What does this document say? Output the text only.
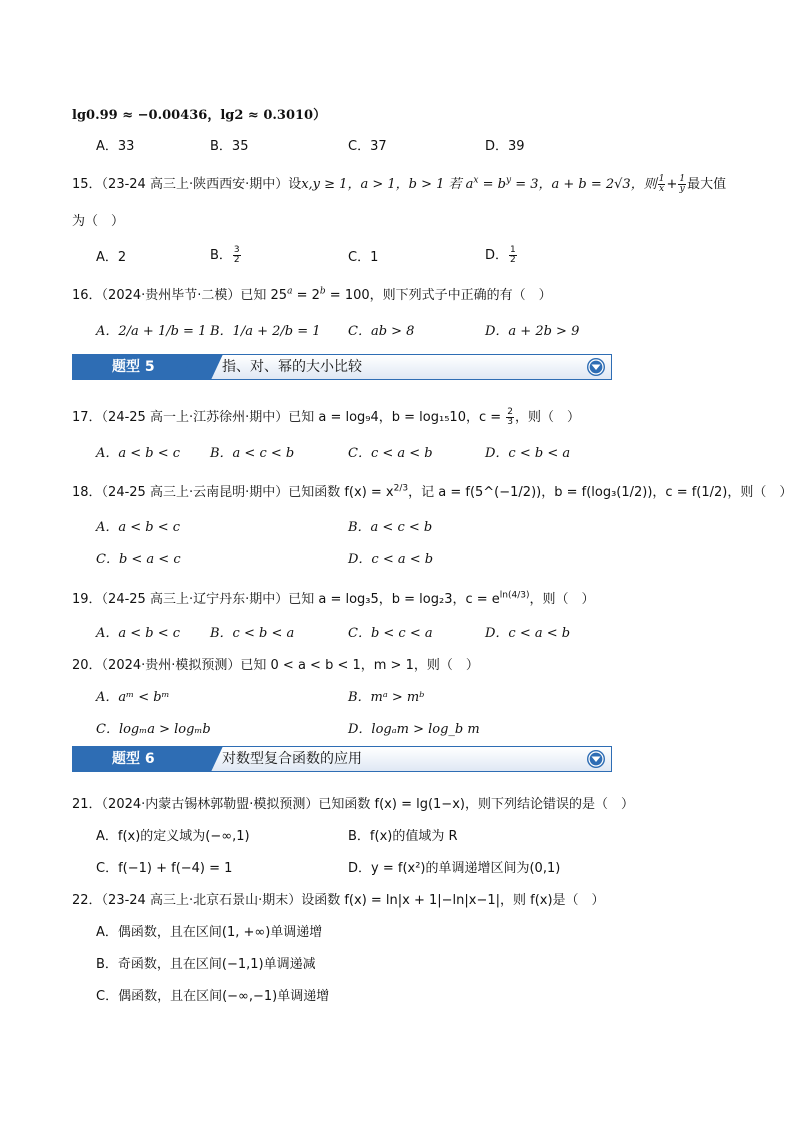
lg0.99 ≈ −0.00436，lg2 ≈ 0.3010）
A．33	B．35	C．37	D．39
15．（23-24 高三上·陕西西安·期中）设x,y ≥ 1，a > 1，b > 1 若 $a^x = b^y = 3$，a + b = 2√3，则 $\frac{1}{x} + \frac{1}{y}$ 最大值
为（　）
A．2	B． $\frac{3}{2}$	C．1	D． $\frac{1}{2}$
16．（2024·贵州毕节·二模）已知 $25^a = 2^b = 100$，则下列式子中正确的有（　）
A．2/a + 1/b = 1 B．1/a + 2/b = 1 C．ab > 8	D．a + 2b > 9
题型 5	指、对、幂的大小比较
17．（24-25 高一上·江苏徐州·期中）已知 a = log₉4，b = log₁₅10，$c = \frac{2}{3}$ ，则（　）
A．a < b < c B．a < c < b	C．c < a < b	D．c < b < a
18．（24-25 高三上·云南昆明·期中）已知函数 $f(x) = x^{2/3}$，记 a = f(5^(−1/2))，b = f(log₃(1/2))，c = f(1/2)，则（　）
A．a < b < c	B．a < c < b
C．b < a < c	D．c < a < b
19．（24-25 高三上·辽宁丹东·期中）已知 a = log₃5，b = log₂3，$c = e^{ln(4/3)}$，则（　）
A．a < b < c B．c < b < a	C．b < c < a	D．c < a < b
20．（2024·贵州·模拟预测）已知 0 < a < b < 1，m > 1，则（　）
A．aᵐ < bᵐ	B．mᵃ > mᵇ
C．logₘa > logₘb	D．logₐm > log_b m
题型 6	对数型复合函数的应用
21．（2024·内蒙古锡林郭勒盟·模拟预测）已知函数 f(x) = lg(1−x)，则下列结论错误的是（　）
A．f(x)的定义域为(−∞,1)	B．f(x)的值域为 R
C．f(−1) + f(−4) = 1	D．y = f(x²)的单调递增区间为(0,1)
22．（23-24 高三上·北京石景山·期末）设函数 f(x) = ln|x + 1|−ln|x−1|，则 f(x)是（　）
A．偶函数，且在区间(1, +∞)单调递增
B．奇函数，且在区间(−1,1)单调递减
C．偶函数，且在区间(−∞,−1)单调递增
